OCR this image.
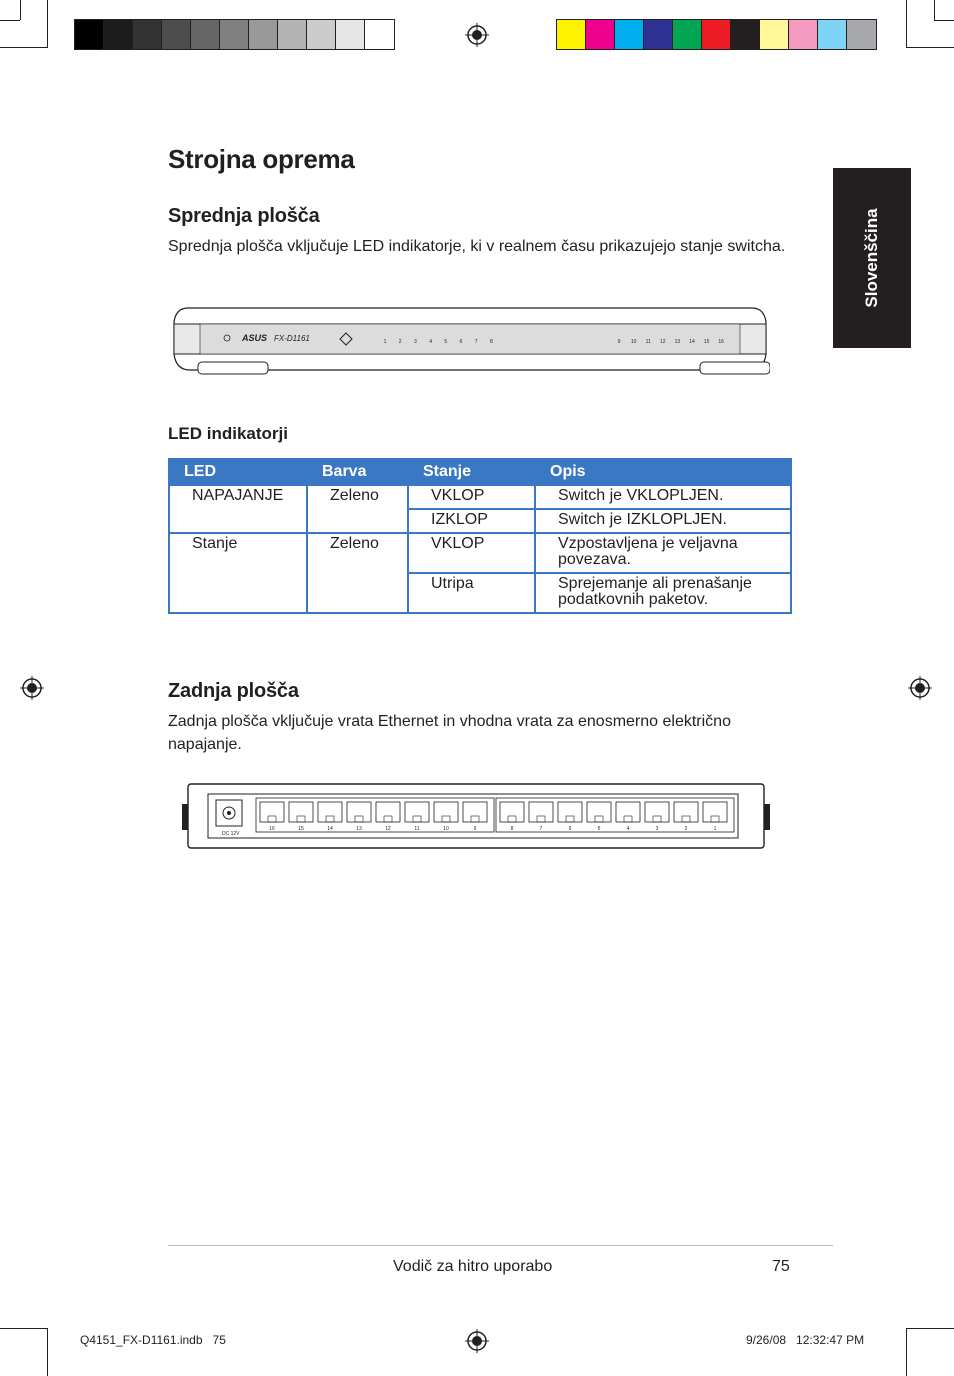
Slovenščina
Strojna oprema
Sprednja plošča

Sprednja plošča vključuje LED indikatorje, ki v realnem času prikazujejo stanje switcha.

ASUS FX-D1161	1 2 3 4 5 6 7 8	9 10 11 12 13 14 15 16
LED indikatorji
LED	Barva	Stanje	Opis
NAPAJANJE	Zeleno	VKLOP	Switch je VKLOPLJEN.
		IZKLOP	Switch je IZKLOPLJEN.
Stanje	Zeleno	VKLOP	Vzpostavljena je veljavna povezava.
		Utripa	Sprejemanje ali prenašanje podatkovnih paketov.
Zadnja plošča

Zadnja plošča vključuje vrata Ethernet in vhodna vrata za enosmerno električno napajanje.

DC 12V
16	15	14	13	12	11	10	9	8	7	6	5	4	3	2	1
Vodič za hitro uporabo	75
Q4151_FX-D1161.indb   75	9/26/08   12:32:47 PM
